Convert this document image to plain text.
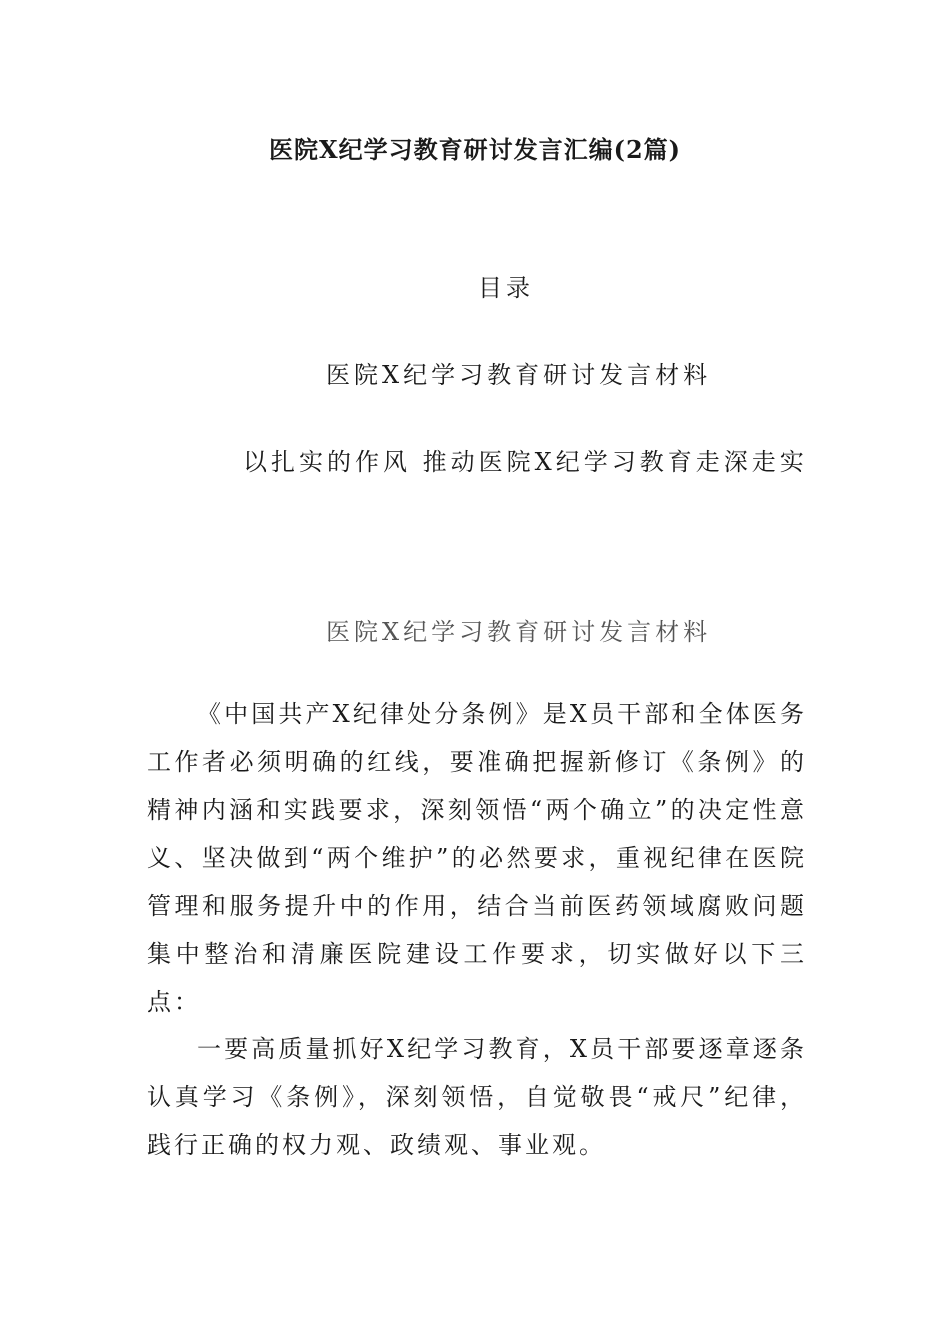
医院X纪学习教育研讨发言汇编(2篇)
目录
医院X纪学习教育研讨发言材料
以扎实的作风 推动医院X纪学习教育走深走实
医院X纪学习教育研讨发言材料

《中国共产X纪律处分条例》是X员干部和全体医务工作者必须明确的红线，要准确把握新修订《条例》的精神内涵和实践要求，深刻领悟“两个确立”的决定性意义、坚决做到“两个维护”的必然要求，重视纪律在医院管理和服务提升中的作用，结合当前医药领域腐败问题集中整治和清廉医院建设工作要求，切实做好以下三点：

一要高质量抓好X纪学习教育，X员干部要逐章逐条认真学习《条例》，深刻领悟，自觉敬畏“戒尺”纪律，践行正确的权力观、政绩观、事业观。
